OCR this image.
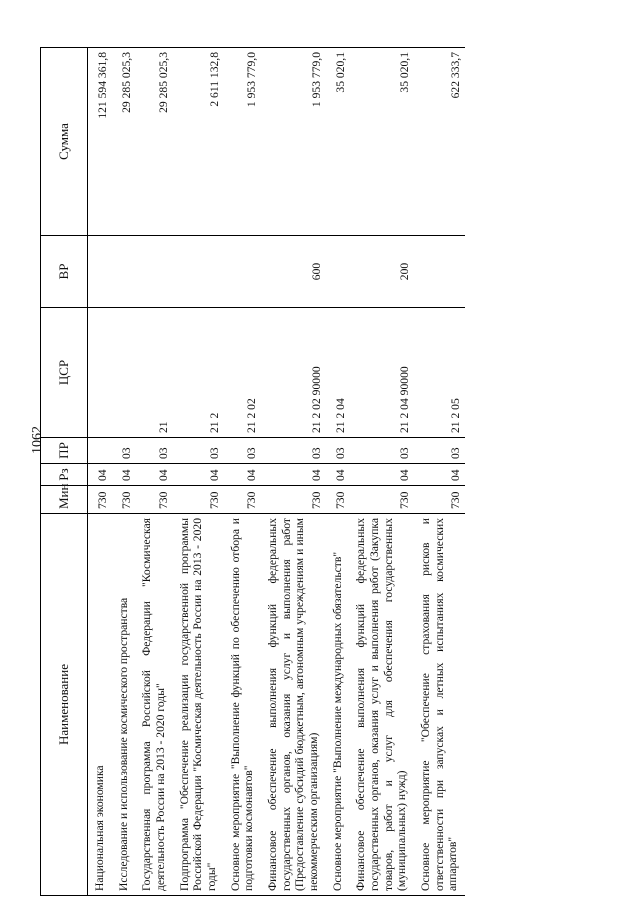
1062
Наименование	Мин	Рз	ПР	ЦСР	ВР	Сумма
Национальная экономика	730	04				121 594 361,8
Исследование и использование космического пространства	730	04	03			29 285 025,3
Государственная программа Российской Федерации "Космическая деятельность России на 2013 - 2020 годы"	730	04	03	21		29 285 025,3
Подпрограмма "Обеспечение реализации государственной программы Российской Федерации "Космическая деятельность России на 2013 - 2020 годы"	730	04	03	21 2		2 611 132,8
Основное мероприятие "Выполнение функций по обеспечению отбора и подготовки космонавтов"	730	04	03	21 2 02		1 953 779,0
Финансовое обеспечение выполнения функций федеральных государственных органов, оказания услуг и выполнения работ (Предоставление субсидий бюджетным, автономным учреждениям и иным некоммерческим организациям)	730	04	03	21 2 02 90000	600	1 953 779,0
Основное мероприятие "Выполнение международных обязательств"	730	04	03	21 2 04		35 020,1
Финансовое обеспечение выполнения функций федеральных государственных органов, оказания услуг и выполнения работ (Закупка товаров, работ и услуг для обеспечения государственных (муниципальных) нужд)	730	04	03	21 2 04 90000	200	35 020,1
Основное мероприятие "Обеспечение страхования рисков и ответственности при запусках и летных испытаниях космических аппаратов"	730	04	03	21 2 05		622 333,7
